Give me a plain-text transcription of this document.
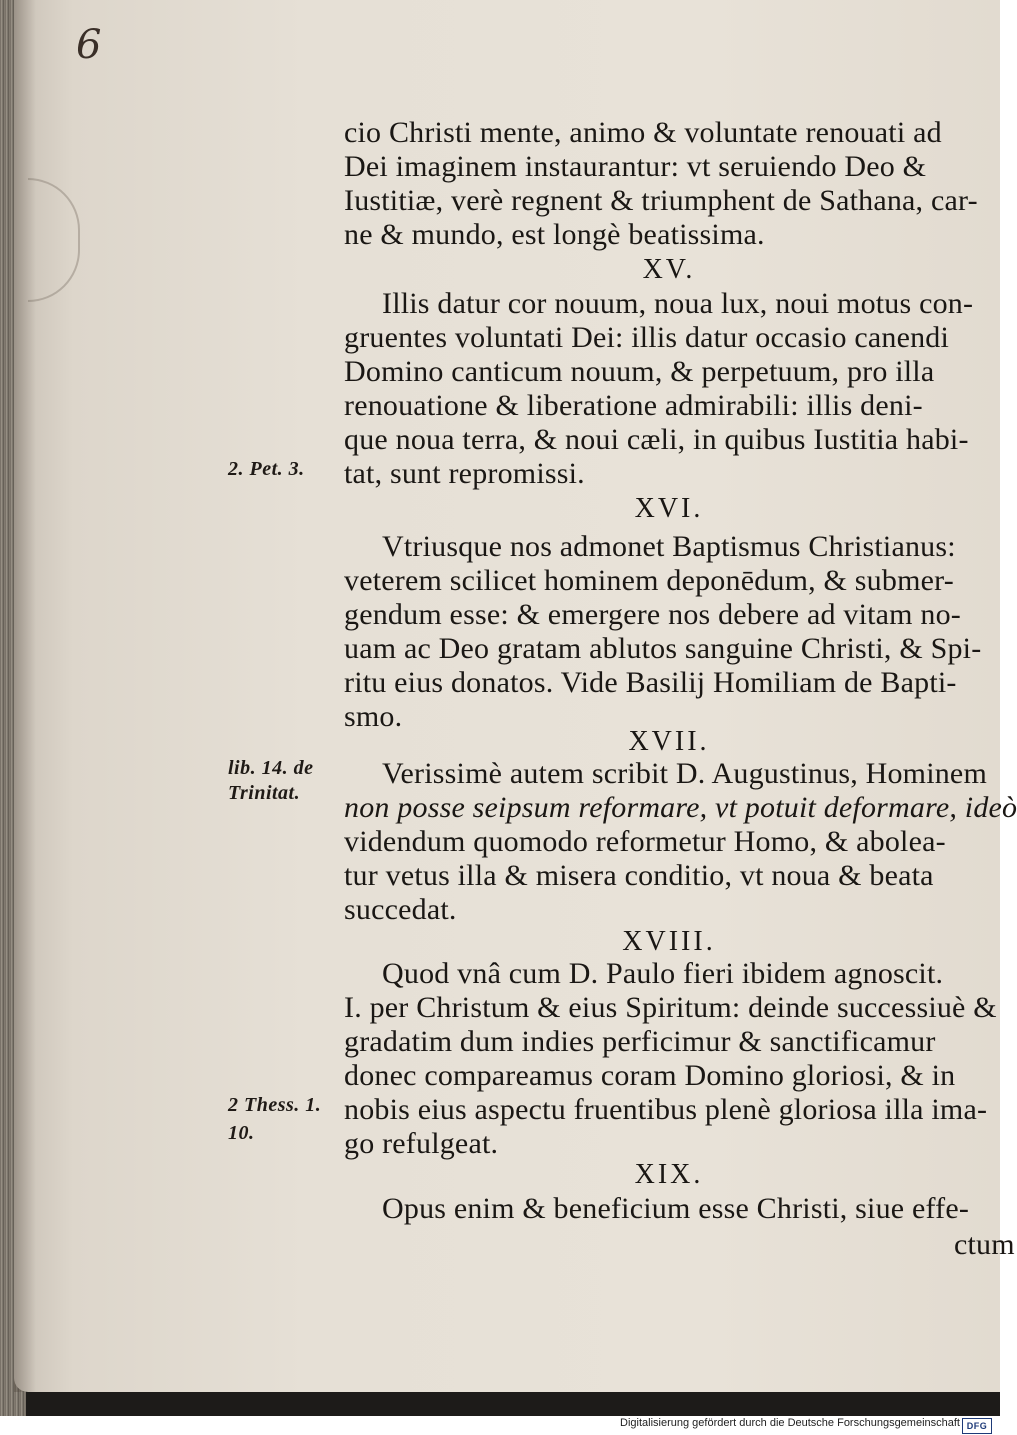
6
cio Christi mente, animo & voluntate renouati ad
Dei imaginem instaurantur: vt seruiendo Deo &
Iustitiæ, verè regnent & triumphent de Sathana, car-
ne & mundo, est longè beatissima.
XV.
Illis datur cor nouum, noua lux, noui motus con-
gruentes voluntati Dei: illis datur occasio canendi
Domino canticum nouum, & perpetuum, pro illa
renouatione & liberatione admirabili: illis deni-
que noua terra, & noui cæli, in quibus Iustitia habi-
tat, sunt repromissi.
XVI.
Vtriusque nos admonet Baptismus Christianus:
veterem scilicet hominem deponēdum, & submer-
gendum esse: & emergere nos debere ad vitam no-
uam ac Deo gratam ablutos sanguine Christi, & Spi-
ritu eius donatos. Vide Basilij Homiliam de Bapti-
smo.
XVII.
Verissimè autem scribit D. Augustinus, Hominem
non posse seipsum reformare, vt potuit deformare, ideò
videndum quomodo reformetur Homo, & abolea-
tur vetus illa & misera conditio, vt noua & beata
succedat.
XVIII.
Quod vnâ cum D. Paulo fieri ibidem agnoscit.
I. per Christum & eius Spiritum: deinde successiuè &
gradatim dum indies perficimur & sanctificamur
donec compareamus coram Domino gloriosi, & in
nobis eius aspectu fruentibus plenè gloriosa illa ima-
go refulgeat.
XIX.
Opus enim & beneficium esse Christi, siue effe-
ctum
2. Pet. 3.
lib. 14. de
Trinitat.
2 Thess. 1.
10.
Digitalisierung gefördert durch die Deutsche Forschungsgemeinschaft DFG
